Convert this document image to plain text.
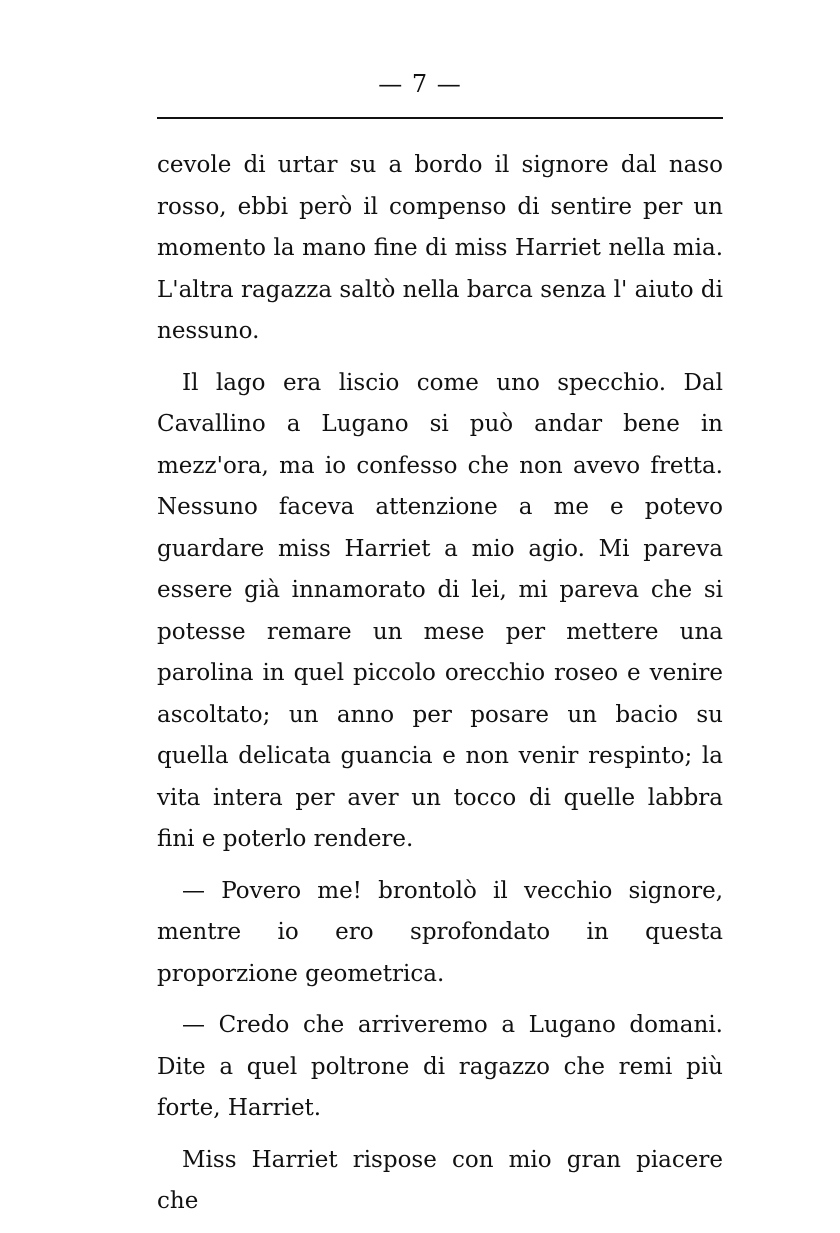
— 7 —

cevole di urtar su a bordo il signore dal naso rosso, ebbi però il compenso di sentire per un momento la mano fine di miss Harriet nella mia. L'altra ragazza saltò nella barca senza l' aiuto di nessuno.

Il lago era liscio come uno specchio. Dal Cavallino a Lugano si può andar bene in mezz'ora, ma io confesso che non avevo fretta. Nessuno faceva attenzione a me e potevo guardare miss Harriet a mio agio. Mi pareva essere già innamorato di lei, mi pareva che si potesse remare un mese per mettere una parolina in quel piccolo orecchio roseo e venire ascoltato; un anno per posare un bacio su quella delicata guancia e non venir respinto; la vita intera per aver un tocco di quelle labbra fini e poterlo rendere.

— Povero me! brontolò il vecchio signore, mentre io ero sprofondato in questa proporzione geometrica.

— Credo che arriveremo a Lugano domani. Dite a quel poltrone di ragazzo che remi più forte, Harriet.

Miss Harriet rispose con mio gran piacere che
